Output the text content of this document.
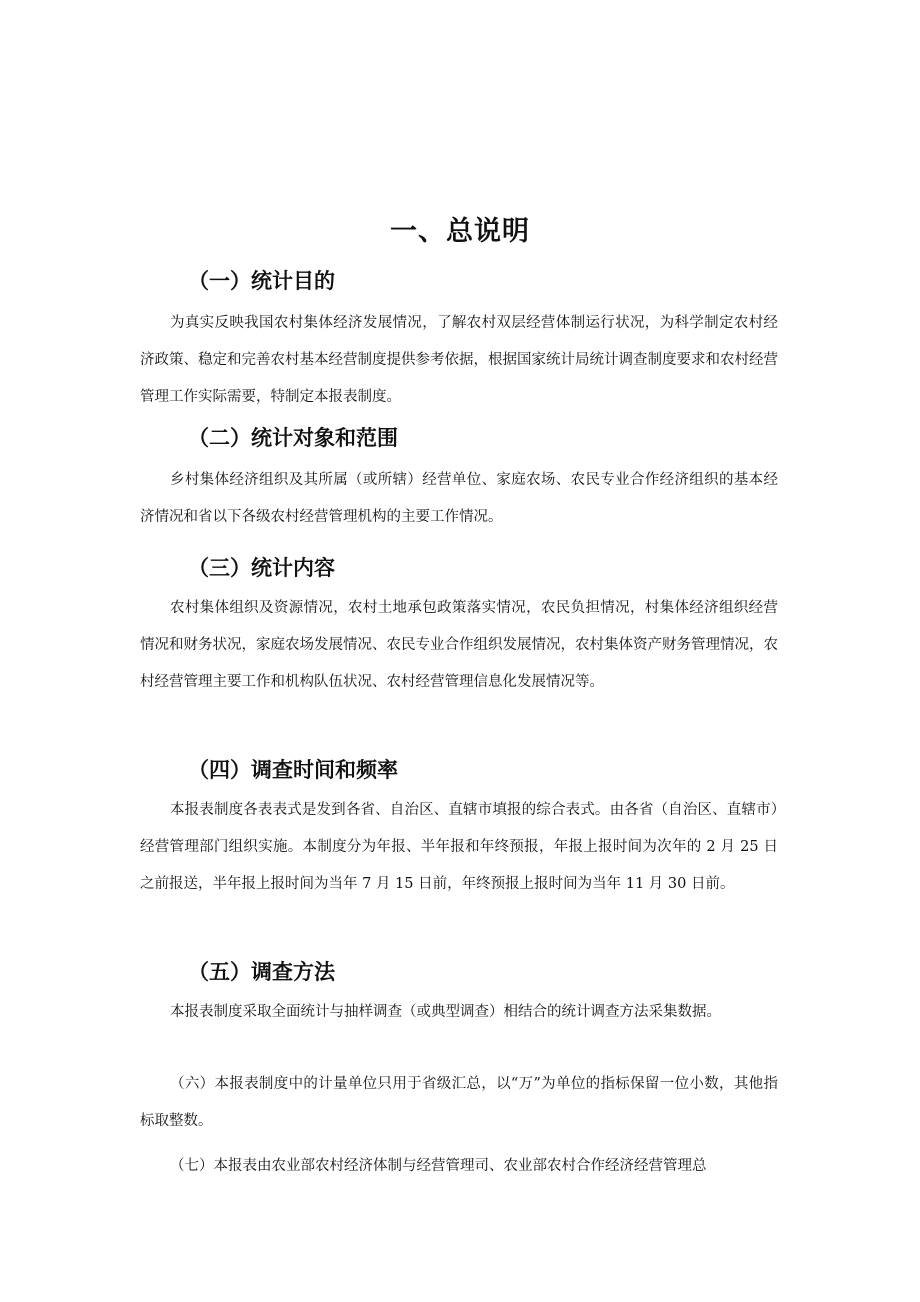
一、总说明
（一）统计目的

为真实反映我国农村集体经济发展情况，了解农村双层经营体制运行状况，为科学制定农村经济政策、稳定和完善农村基本经营制度提供参考依据，根据国家统计局统计调查制度要求和农村经营管理工作实际需要，特制定本报表制度。

（二）统计对象和范围

乡村集体经济组织及其所属（或所辖）经营单位、家庭农场、农民专业合作经济组织的基本经济情况和省以下各级农村经营管理机构的主要工作情况。

（三）统计内容

农村集体组织及资源情况，农村土地承包政策落实情况，农民负担情况，村集体经济组织经营情况和财务状况，家庭农场发展情况、农民专业合作组织发展情况，农村集体资产财务管理情况，农村经营管理主要工作和机构队伍状况、农村经营管理信息化发展情况等。

（四）调查时间和频率

本报表制度各表表式是发到各省、自治区、直辖市填报的综合表式。由各省（自治区、直辖市）经营管理部门组织实施。本制度分为年报、半年报和年终预报，年报上报时间为次年的 2 月 25 日之前报送，半年报上报时间为当年 7 月 15 日前，年终预报上报时间为当年 11 月 30 日前。

（五）调查方法

本报表制度采取全面统计与抽样调查（或典型调查）相结合的统计调查方法采集数据。

（六）本报表制度中的计量单位只用于省级汇总，以“万”为单位的指标保留一位小数，其他指标取整数。

（七）本报表由农业部农村经济体制与经营管理司、农业部农村合作经济经营管理总
